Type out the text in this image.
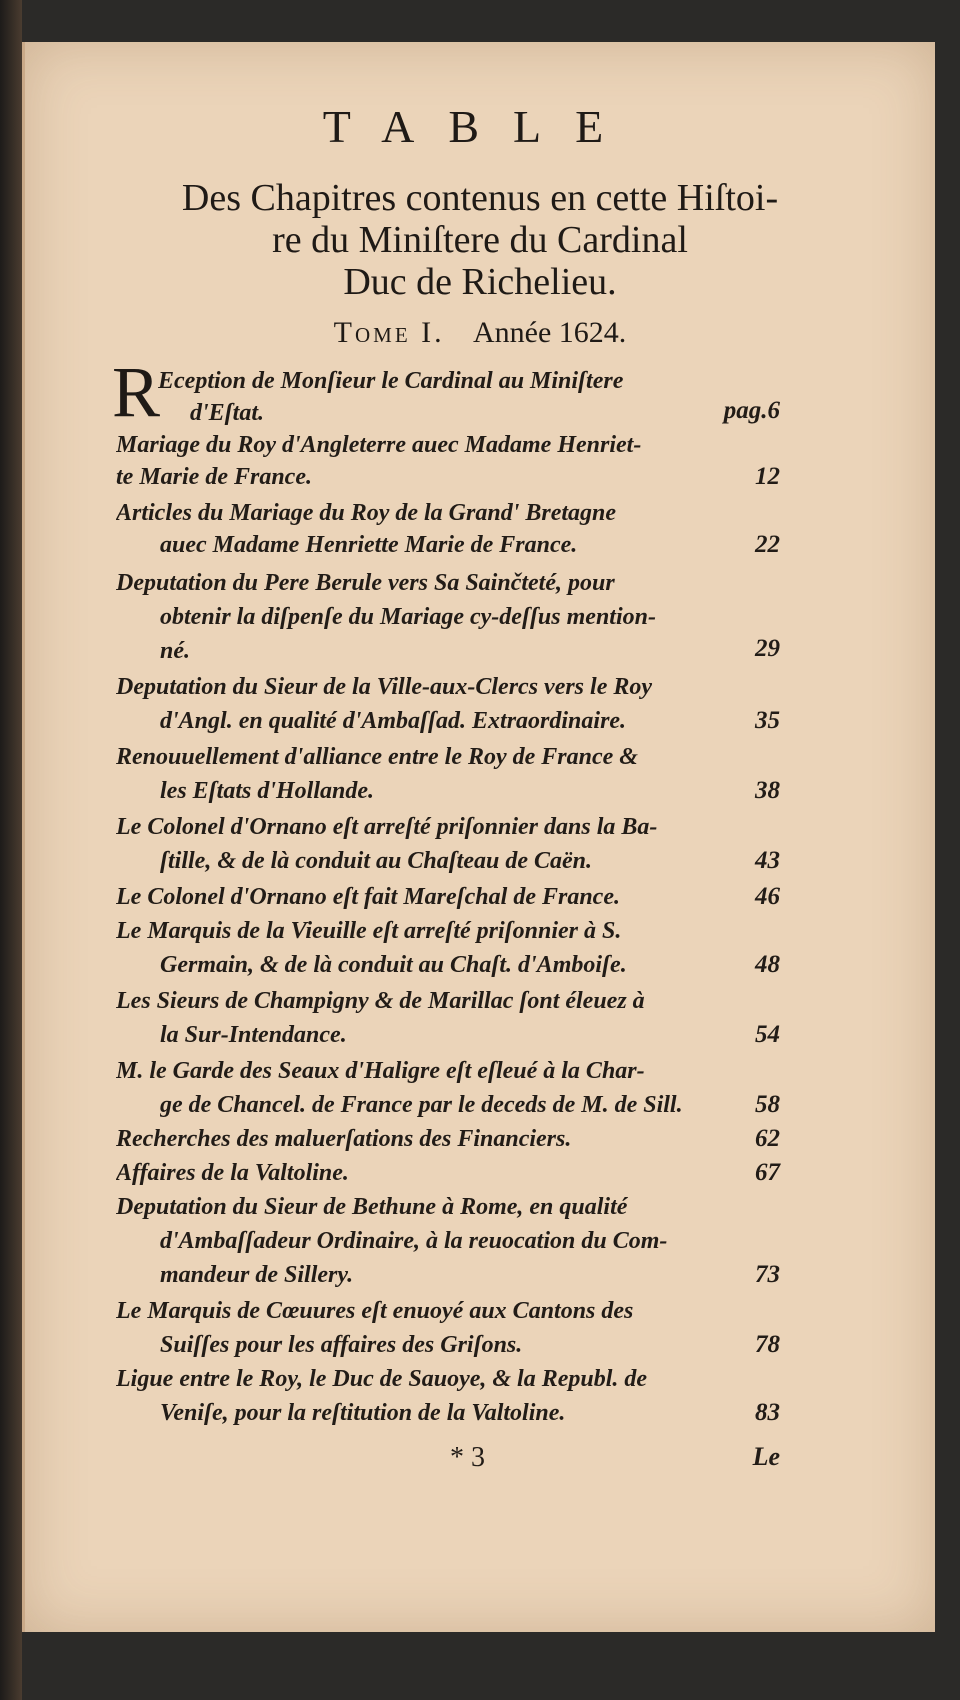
TABLE
Des Chapitres contenus en cette Hiſtoi-
re du Miniſtere du Cardinal
Duc de Richelieu.
Tome I. Année 1624.
R
Eception de Monſieur le Cardinal au Miniſtere
d'Eſtat.	pag.6
Mariage du Roy d'Angleterre auec Madame Henriet-
te Marie de France.	12
Articles du Mariage du Roy de la Grand' Bretagne
auec Madame Henriette Marie de France.	22
Deputation du Pere Berule vers Sa Sainčteté, pour
obtenir la diſpenſe du Mariage cy-deſſus mention-
né.	29
Deputation du Sieur de la Ville-aux-Clercs vers le Roy
d'Angl. en qualité d'Ambaſſad. Extraordinaire.	35
Renouuellement d'alliance entre le Roy de France &
les Eſtats d'Hollande.	38
Le Colonel d'Ornano eſt arreſté priſonnier dans la Ba-
ſtille, & de là conduit au Chaſteau de Caën.	43
Le Colonel d'Ornano eſt fait Mareſchal de France.	46
Le Marquis de la Vieuille eſt arreſté priſonnier à S.
Germain, & de là conduit au Chaſt. d'Amboiſe.	48
Les Sieurs de Champigny & de Marillac ſont éleuez à
la Sur-Intendance.	54
M. le Garde des Seaux d'Haligre eſt eſleué à la Char-
ge de Chancel. de France par le deceds de M. de Sill.	58
Recherches des maluerſations des Financiers.	62
Affaires de la Valtoline.	67
Deputation du Sieur de Bethune à Rome, en qualité
d'Ambaſſadeur Ordinaire, à la reuocation du Com-
mandeur de Sillery.	73
Le Marquis de Cœuures eſt enuoyé aux Cantons des
Suiſſes pour les affaires des Griſons.	78
Ligue entre le Roy, le Duc de Sauoye, & la Republ. de
Veniſe, pour la reſtitution de la Valtoline.	83
* 3	Le
